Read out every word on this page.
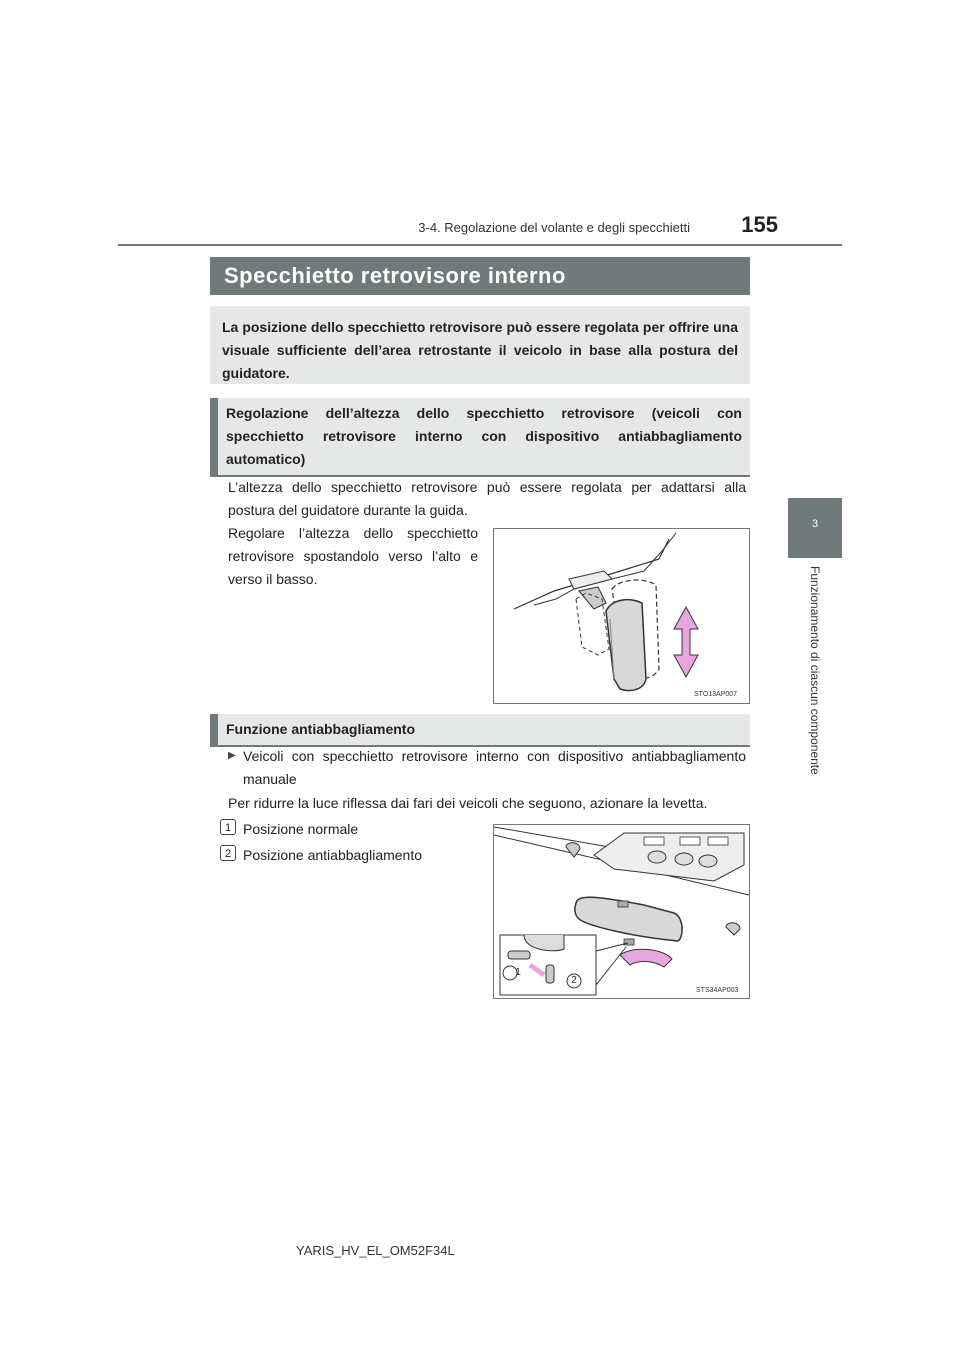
3-4. Regolazione del volante e degli specchietti	155
3
Funzionamento di ciascun componente
Specchietto retrovisore interno
La posizione dello specchietto retrovisore può essere regolata per offrire una visuale sufficiente dell’area retrostante il veicolo in base alla postura del guidatore.
Regolazione dell’altezza dello specchietto retrovisore (veicoli con specchietto retrovisore interno con dispositivo antiabbagliamento automatico)
L’altezza dello specchietto retrovisore può essere regolata per adattarsi alla postura del guidatore durante la guida.
Regolare l’altezza dello specchietto retrovisore spostandolo verso l’alto e verso il basso.
STO13AP007
Funzione antiabbagliamento
▶ Veicoli con specchietto retrovisore interno con dispositivo antiabbagliamento manuale
Per ridurre la luce riflessa dai fari dei veicoli che seguono, azionare la levetta.
1 Posizione normale
2 Posizione antiabbagliamento
1
2
STS34AP003
YARIS_HV_EL_OM52F34L
